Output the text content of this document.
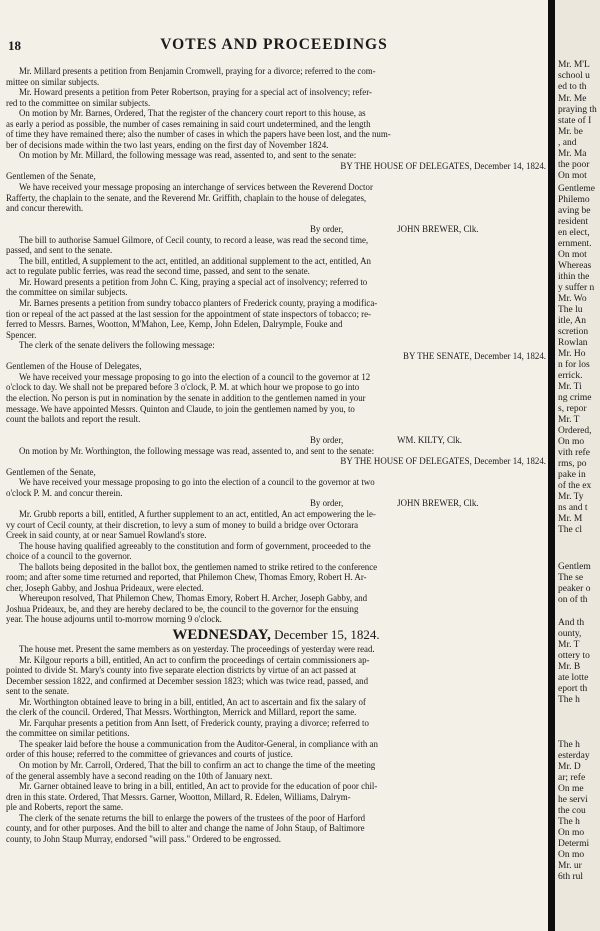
18	VOTES AND PROCEEDINGS
Mr. Millard presents a petition from Benjamin Cromwell, praying for a divorce; referred to the com-
mittee on similar subjects.
Mr. Howard presents a petition from Peter Robertson, praying for a special act of insolvency; refer-
red to the committee on similar subjects.
On motion by Mr. Barnes, Ordered, That the register of the chancery court report to this house, as
as early a period as possible, the number of cases remaining in said court undetermined, and the length
of time they have remained there; also the number of cases in which the papers have been lost, and the num-
ber of decisions made within the two last years, ending on the first day of November 1824.
On motion by Mr. Millard, the following message was read, assented to, and sent to the senate:
BY THE HOUSE OF DELEGATES, December 14, 1824.
Gentlemen of the Senate,
We have received your message proposing an interchange of services between the Reverend Doctor
Rafferty, the chaplain to the senate, and the Reverend Mr. Griffith, chaplain to the house of delegates,
and concur therewith.
By order,	JOHN BREWER, Clk.
The bill to authorise Samuel Gilmore, of Cecil county, to record a lease, was read the second time,
passed, and sent to the senate.
The bill, entitled, A supplement to the act, entitled, an additional supplement to the act, entitled, An
act to regulate public ferries, was read the second time, passed, and sent to the senate.
Mr. Howard presents a petition from John C. King, praying a special act of insolvency; referred to
the committee on similar subjects.
Mr. Barnes presents a petition from sundry tobacco planters of Frederick county, praying a modifica-
tion or repeal of the act passed at the last session for the appointment of state inspectors of tobacco; re-
ferred to Messrs. Barnes, Wootton, M'Mahon, Lee, Kemp, John Edelen, Dalrymple, Fouke and
Spencer.
The clerk of the senate delivers the following message:
BY THE SENATE, December 14, 1824.
Gentlemen of the House of Delegates,
We have received your message proposing to go into the election of a council to the governor at 12
o'clock to day. We shall not be prepared before 3 o'clock, P. M. at which hour we propose to go into
the election. No person is put in nomination by the senate in addition to the gentlemen named in your
message. We have appointed Messrs. Quinton and Claude, to join the gentlemen named by you, to
count the ballots and report the result.
By order,	WM. KILTY, Clk.
On motion by Mr. Worthington, the following message was read, assented to, and sent to the senate:
BY THE HOUSE OF DELEGATES, December 14, 1824.
Gentlemen of the Senate,
We have received your message proposing to go into the election of a council to the governor at two
o'clock P. M. and concur therein.
By order,	JOHN BREWER, Clk.
Mr. Grubb reports a bill, entitled, A further supplement to an act, entitled, An act empowering the le-
vy court of Cecil county, at their discretion, to levy a sum of money to build a bridge over Octorara
Creek in said county, at or near Samuel Rowland's store.
The house having qualified agreeably to the constitution and form of government, proceeded to the
choice of a council to the governor.
The ballots being deposited in the ballot box, the gentlemen named to strike retired to the conference
room; and after some time returned and reported, that Philemon Chew, Thomas Emory, Robert H. Ar-
cher, Joseph Gabby, and Joshua Prideaux, were elected.
Whereupon resolved, That Philemon Chew, Thomas Emory, Robert H. Archer, Joseph Gabby, and
Joshua Prideaux, be, and they are hereby declared to be, the council to the governor for the ensuing
year. The house adjourns until to-morrow morning 9 o'clock.
WEDNESDAY, December 15, 1824.
The house met. Present the same members as on yesterday. The proceedings of yesterday were read.
Mr. Kilgour reports a bill, entitled, An act to confirm the proceedings of certain commissioners ap-
pointed to divide St. Mary's county into five separate election districts by virtue of an act passed at
December session 1822, and confirmed at December session 1823; which was twice read, passed, and
sent to the senate.
Mr. Worthington obtained leave to bring in a bill, entitled, An act to ascertain and fix the salary of
the clerk of the council. Ordered, That Messrs. Worthington, Merrick and Millard, report the same.
Mr. Farquhar presents a petition from Ann Isett, of Frederick county, praying a divorce; referred to
the committee on similar petitions.
The speaker laid before the house a communication from the Auditor-General, in compliance with an
order of this house; referred to the committee of grievances and courts of justice.
On motion by Mr. Carroll, Ordered, That the bill to confirm an act to change the time of the meeting
of the general assembly have a second reading on the 10th of January next.
Mr. Garner obtained leave to bring in a bill, entitled, An act to provide for the education of poor chil-
dren in this state. Ordered, That Messrs. Garner, Wootton, Millard, R. Edelen, Williams, Dalrym-
ple and Roberts, report the same.
The clerk of the senate returns the bill to enlarge the powers of the trustees of the poor of Harford
county, and for other purposes. And the bill to alter and change the name of John Staup, of Baltimore
county, to John Staup Murray, endorsed "will pass." Ordered to be engrossed.
Mr. M'L
school u
ed to th
Mr. Me
praying th
state of I
Mr. be
, and
Mr. Ma
the poor
On mot
Gentleme
Philemo
aving be
resident
en elect,
ernment.
On mot
Whereas
ithin the
y suffer n
Mr. Wo
The lu
itle, An
scretion
Rowlan
Mr. Ho
n for los
errick.
Mr. Ti
ng crime
s, repor
Mr. T
Ordered,
On mo
vith refe
rms, po
pake in
of the ex
Mr. Ty
ns and t
Mr. M
The cl
Gentlem
The se
peaker o
on of th
And th
ounty,
Mr. T
ottery to
Mr. B
ate lotte
eport th
The h
The h
esterday
Mr. D
ar; refe
On me
he servi
the cou
The h
On mo
Determi
On mo
Mr. ur
6th rul
